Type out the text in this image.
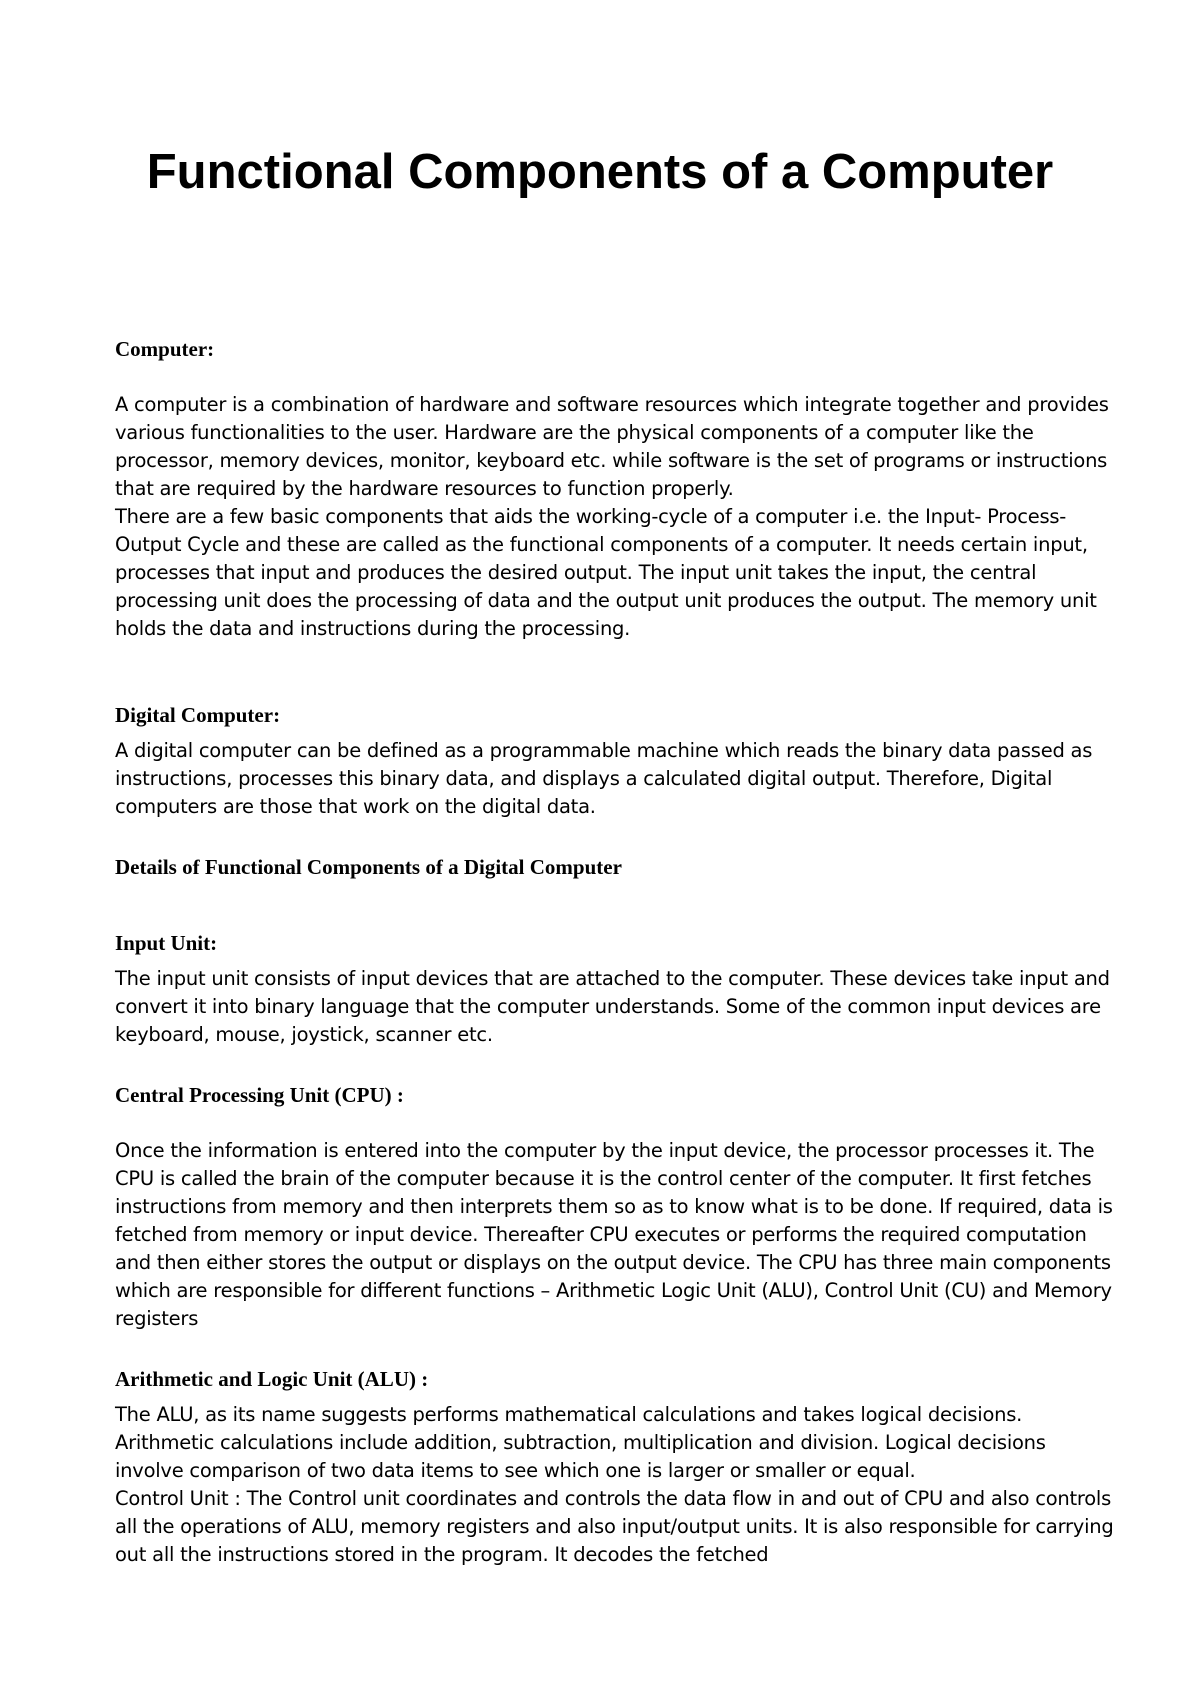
Functional Components of a Computer

Computer:

A computer is a combination of hardware and software resources which integrate together and provides various functionalities to the user. Hardware are the physical components of a computer like the processor, memory devices, monitor, keyboard etc. while software is the set of programs or instructions that are required by the hardware resources to function properly.

There are a few basic components that aids the working-cycle of a computer i.e. the Input- Process- Output Cycle and these are called as the functional components of a computer. It needs certain input, processes that input and produces the desired output. The input unit takes the input, the central processing unit does the processing of data and the output unit produces the output. The memory unit holds the data and instructions during the processing.

Digital Computer:

A digital computer can be defined as a programmable machine which reads the binary data passed as instructions, processes this binary data, and displays a calculated digital output. Therefore, Digital computers are those that work on the digital data.

Details of Functional Components of a Digital Computer

Input Unit:

The input unit consists of input devices that are attached to the computer. These devices take input and convert it into binary language that the computer understands. Some of the common input devices are keyboard, mouse, joystick, scanner etc.

Central Processing Unit (CPU) :

Once the information is entered into the computer by the input device, the processor processes it. The CPU is called the brain of the computer because it is the control center of the computer. It first fetches instructions from memory and then interprets them so as to know what is to be done. If required, data is fetched from memory or input device. Thereafter CPU executes or performs the required computation and then either stores the output or displays on the output device. The CPU has three main components which are responsible for different functions – Arithmetic Logic Unit (ALU), Control Unit (CU) and Memory registers

Arithmetic and Logic Unit (ALU) :

The ALU, as its name suggests performs mathematical calculations and takes logical decisions. Arithmetic calculations include addition, subtraction, multiplication and division. Logical decisions involve comparison of two data items to see which one is larger or smaller or equal.

Control Unit : The Control unit coordinates and controls the data flow in and out of CPU and also controls all the operations of ALU, memory registers and also input/output units. It is also responsible for carrying out all the instructions stored in the program. It decodes the fetched
